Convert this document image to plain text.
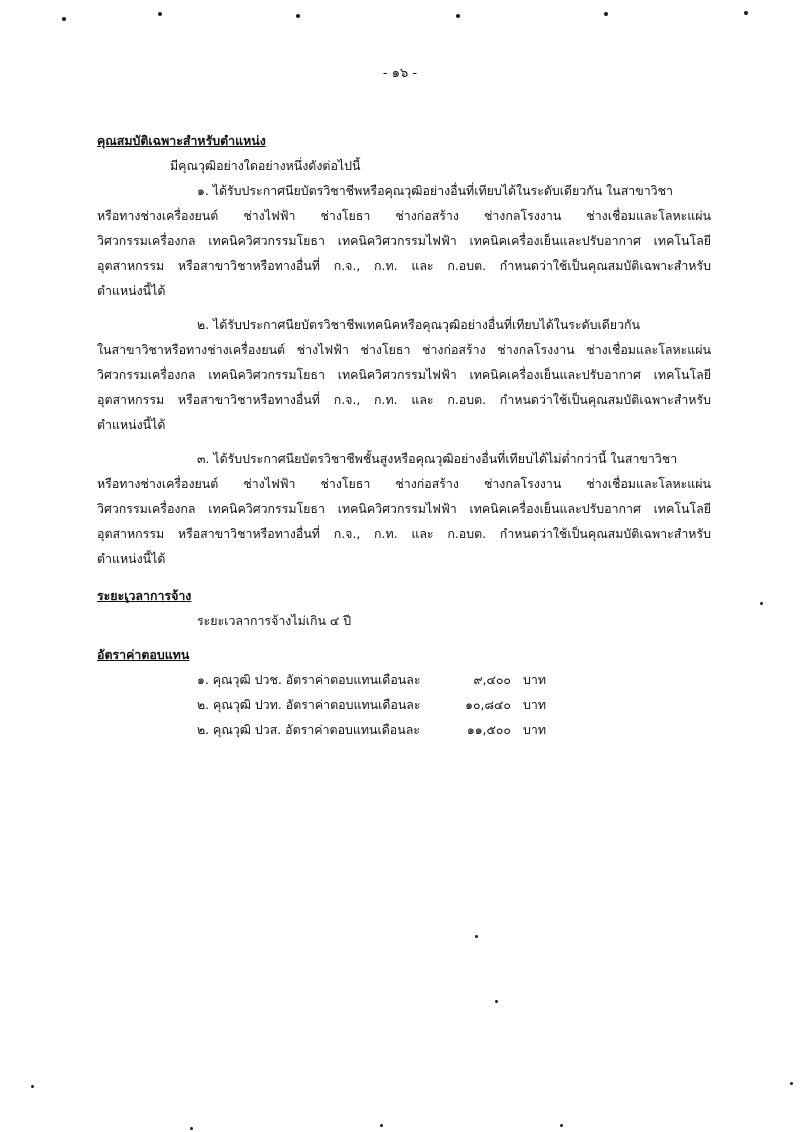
- ๑๖ -
คุณสมบัติเฉพาะสำหรับตำแหน่ง
มีคุณวุฒิอย่างใดอย่างหนึ่งดังต่อไปนี้
๑. ได้รับประกาศนียบัตรวิชาชีพหรือคุณวุฒิอย่างอื่นที่เทียบได้ในระดับเดียวกัน ในสาขาวิชา
หรือทางช่างเครื่องยนต์ ช่างไฟฟ้า ช่างโยธา ช่างก่อสร้าง ช่างกลโรงงาน ช่างเชื่อมและโลหะแผ่น
วิศวกรรมเครื่องกล เทคนิควิศวกรรมโยธา เทคนิควิศวกรรมไฟฟ้า เทคนิคเครื่องเย็นและปรับอากาศ เทคโนโลยี
อุตสาหกรรม หรือสาขาวิชาหรือทางอื่นที่ ก.จ., ก.ท. และ ก.อบต. กำหนดว่าใช้เป็นคุณสมบัติเฉพาะสำหรับ
ตำแหน่งนี้ได้
๒. ได้รับประกาศนียบัตรวิชาชีพเทคนิคหรือคุณวุฒิอย่างอื่นที่เทียบได้ในระดับเดียวกัน
ในสาขาวิชาหรือทางช่างเครื่องยนต์ ช่างไฟฟ้า ช่างโยธา ช่างก่อสร้าง ช่างกลโรงงาน ช่างเชื่อมและโลหะแผ่น
วิศวกรรมเครื่องกล เทคนิควิศวกรรมโยธา เทคนิควิศวกรรมไฟฟ้า เทคนิคเครื่องเย็นและปรับอากาศ เทคโนโลยี
อุตสาหกรรม หรือสาขาวิชาหรือทางอื่นที่ ก.จ., ก.ท. และ ก.อบต. กำหนดว่าใช้เป็นคุณสมบัติเฉพาะสำหรับ
ตำแหน่งนี้ได้
๓. ได้รับประกาศนียบัตรวิชาชีพชั้นสูงหรือคุณวุฒิอย่างอื่นที่เทียบได้ไม่ต่ำกว่านี้ ในสาขาวิชา
หรือทางช่างเครื่องยนต์ ช่างไฟฟ้า ช่างโยธา ช่างก่อสร้าง ช่างกลโรงงาน ช่างเชื่อมและโลหะแผ่น
วิศวกรรมเครื่องกล เทคนิควิศวกรรมโยธา เทคนิควิศวกรรมไฟฟ้า เทคนิคเครื่องเย็นและปรับอากาศ เทคโนโลยี
อุตสาหกรรม หรือสาขาวิชาหรือทางอื่นที่ ก.จ., ก.ท. และ ก.อบต. กำหนดว่าใช้เป็นคุณสมบัติเฉพาะสำหรับ
ตำแหน่งนี้ได้
ระยะเวลาการจ้าง
ระยะเวลาการจ้างไม่เกิน ๔ ปี
อัตราค่าตอบแทน
๑. คุณวุฒิ ปวช. อัตราค่าตอบแทนเดือนละ	๙,๔๐๐ บาท
๒. คุณวุฒิ ปวท. อัตราค่าตอบแทนเดือนละ	๑๐,๘๔๐ บาท
๒. คุณวุฒิ ปวส. อัตราค่าตอบแทนเดือนละ	๑๑,๕๐๐ บาท
